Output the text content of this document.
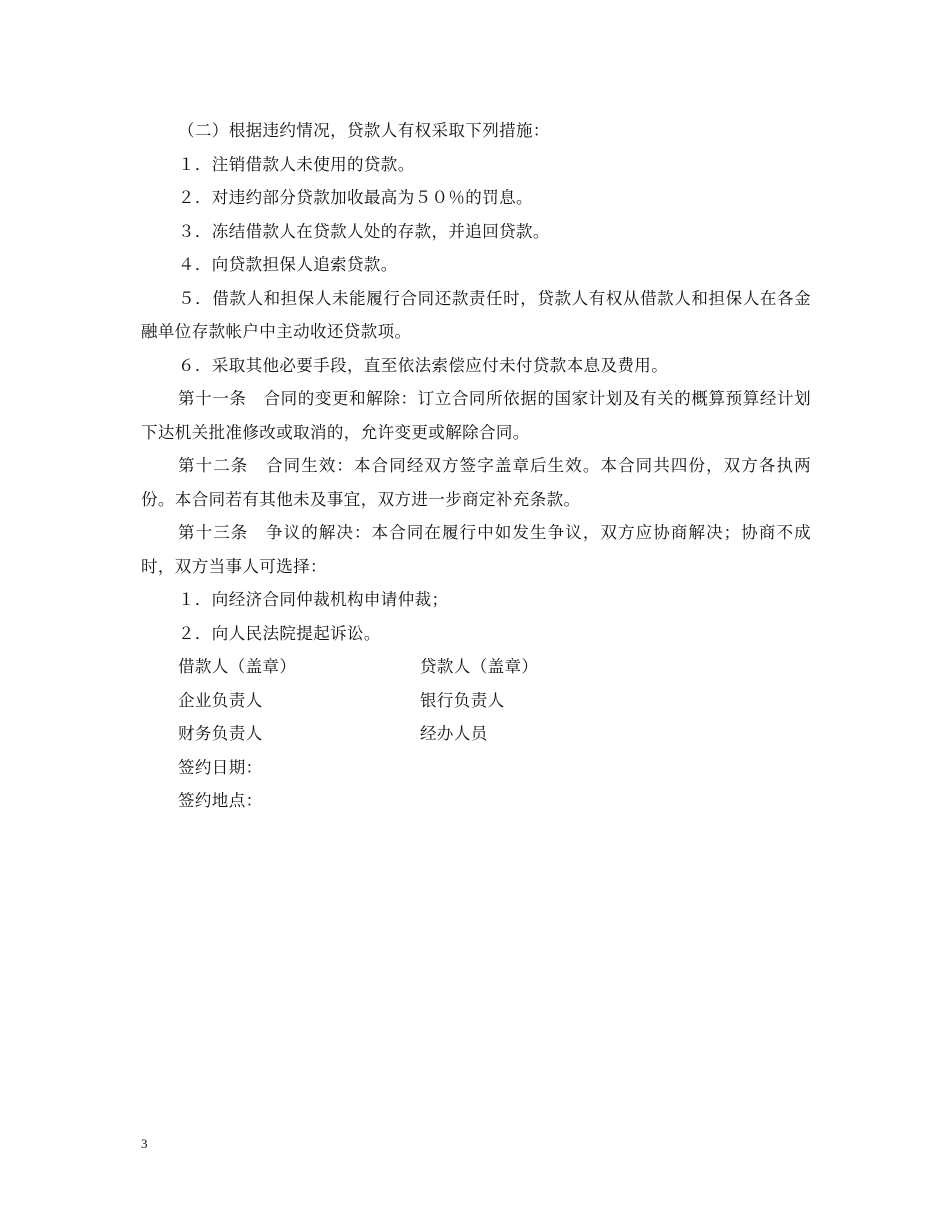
（二）根据违约情况，贷款人有权采取下列措施：

１．注销借款人未使用的贷款。

２．对违约部分贷款加收最高为５０％的罚息。

３．冻结借款人在贷款人处的存款，并追回贷款。

４．向贷款担保人追索贷款。

５．借款人和担保人未能履行合同还款责任时，贷款人有权从借款人和担保人在各金融单位存款帐户中主动收还贷款项。

６．采取其他必要手段，直至依法索偿应付未付贷款本息及费用。

第十一条　合同的变更和解除：订立合同所依据的国家计划及有关的概算预算经计划下达机关批准修改或取消的，允许变更或解除合同。

第十二条　合同生效：本合同经双方签字盖章后生效。本合同共四份，双方各执两份。本合同若有其他未及事宜，双方进一步商定补充条款。

第十三条　争议的解决：本合同在履行中如发生争议，双方应协商解决；协商不成时，双方当事人可选择：

１．向经济合同仲裁机构申请仲裁；

２．向人民法院提起诉讼。

借款人（盖章）	贷款人（盖章）
企业负责人	银行负责人
财务负责人	经办人员
签约日期：
签约地点：
3
